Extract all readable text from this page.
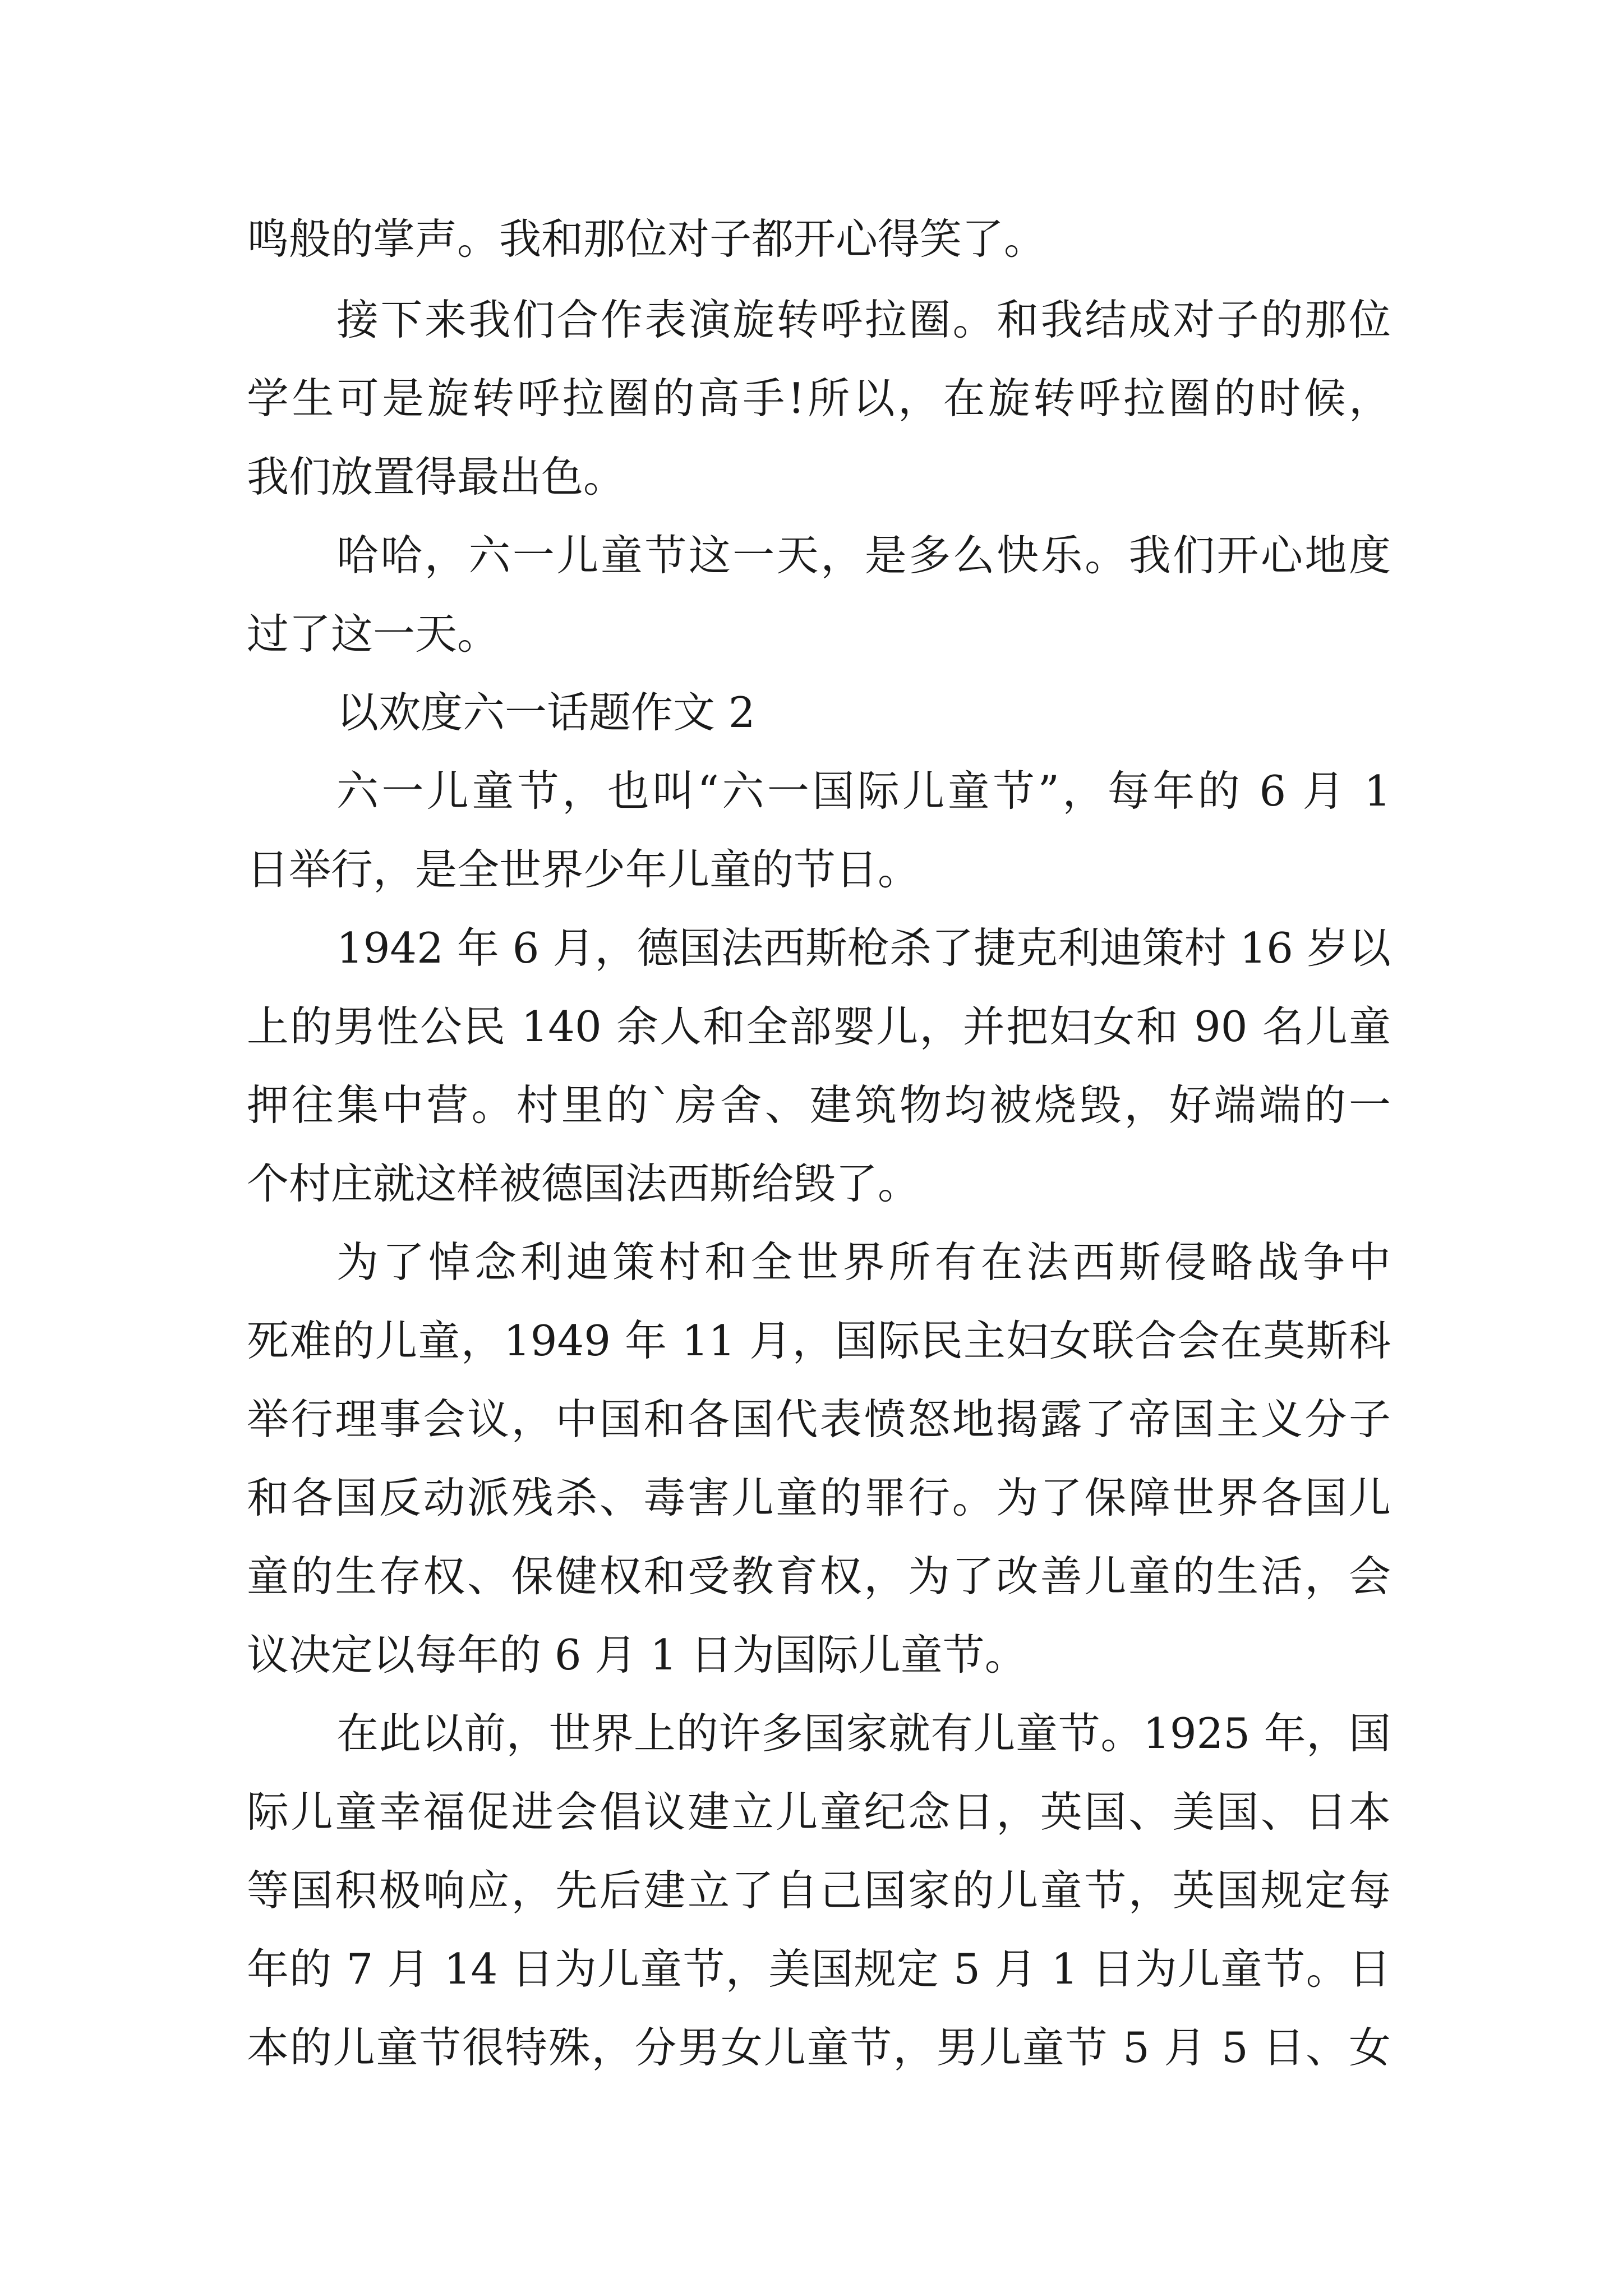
鸣般的掌声。我和那位对子都开心得笑了。
接下来我们合作表演旋转呼拉圈。和我结成对子的那位
学生可是旋转呼拉圈的高手!所以，在旋转呼拉圈的时候，
我们放置得最出色。
哈哈，六一儿童节这一天，是多么快乐。我们开心地度
过了这一天。
以欢度六一话题作文 2
六一儿童节，也叫“六一国际儿童节”，每年的 6 月 1
日举行，是全世界少年儿童的节日。
1942 年 6 月，德国法西斯枪杀了捷克利迪策村 16 岁以
上的男性公民 140 余人和全部婴儿，并把妇女和 90 名儿童
押往集中营。村里的`房舍、建筑物均被烧毁，好端端的一
个村庄就这样被德国法西斯给毁了。
为了悼念利迪策村和全世界所有在法西斯侵略战争中
死难的儿童，1949 年 11 月，国际民主妇女联合会在莫斯科
举行理事会议，中国和各国代表愤怒地揭露了帝国主义分子
和各国反动派残杀、毒害儿童的罪行。为了保障世界各国儿
童的生存权、保健权和受教育权，为了改善儿童的生活，会
议决定以每年的 6 月 1 日为国际儿童节。
在此以前，世界上的许多国家就有儿童节。1925 年，国
际儿童幸福促进会倡议建立儿童纪念日，英国、美国、日本
等国积极响应，先后建立了自己国家的儿童节，英国规定每
年的 7 月 14 日为儿童节，美国规定 5 月 1 日为儿童节。日
本的儿童节很特殊，分男女儿童节，男儿童节 5 月 5 日、女
